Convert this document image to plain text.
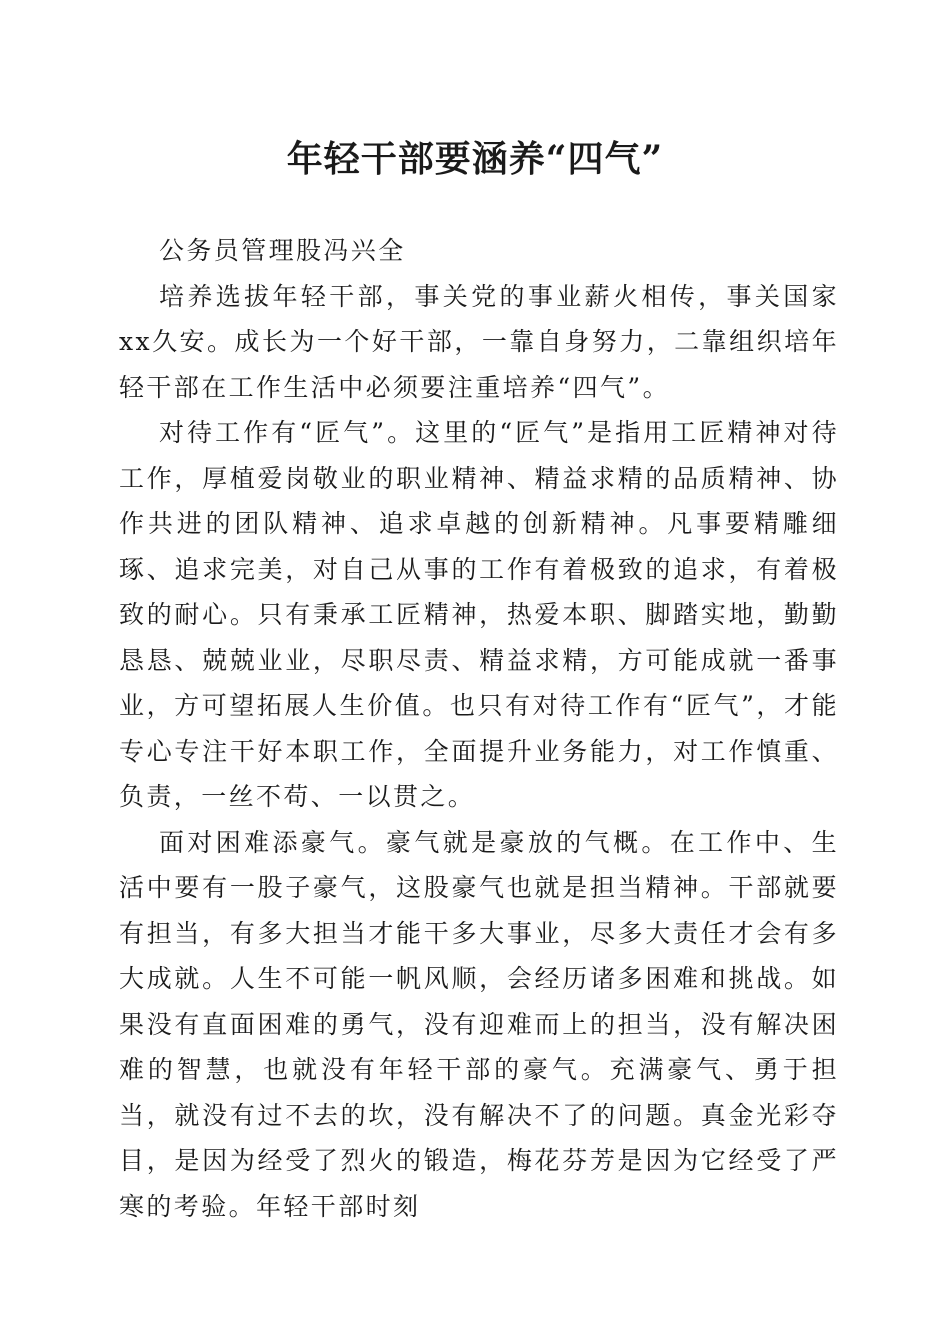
年轻干部要涵养“四气”

公务员管理股冯兴全

培养选拔年轻干部，事关党的事业薪火相传，事关国家xx久安。成长为一个好干部，一靠自身努力，二靠组织培年轻干部在工作生活中必须要注重培养“四气”。

对待工作有“匠气”。这里的“匠气”是指用工匠精神对待工作，厚植爱岗敬业的职业精神、精益求精的品质精神、协作共进的团队精神、追求卓越的创新精神。凡事要精雕细琢、追求完美，对自己从事的工作有着极致的追求，有着极致的耐心。只有秉承工匠精神，热爱本职、脚踏实地，勤勤恳恳、兢兢业业，尽职尽责、精益求精，方可能成就一番事业，方可望拓展人生价值。也只有对待工作有“匠气”，才能专心专注干好本职工作，全面提升业务能力，对工作慎重、负责，一丝不苟、一以贯之。

面对困难添豪气。豪气就是豪放的气概。在工作中、生活中要有一股子豪气，这股豪气也就是担当精神。干部就要有担当，有多大担当才能干多大事业，尽多大责任才会有多大成就。人生不可能一帆风顺，会经历诸多困难和挑战。如果没有直面困难的勇气，没有迎难而上的担当，没有解决困难的智慧，也就没有年轻干部的豪气。充满豪气、勇于担当，就没有过不去的坎，没有解决不了的问题。真金光彩夺目，是因为经受了烈火的锻造，梅花芬芳是因为它经受了严寒的考验。年轻干部时刻
